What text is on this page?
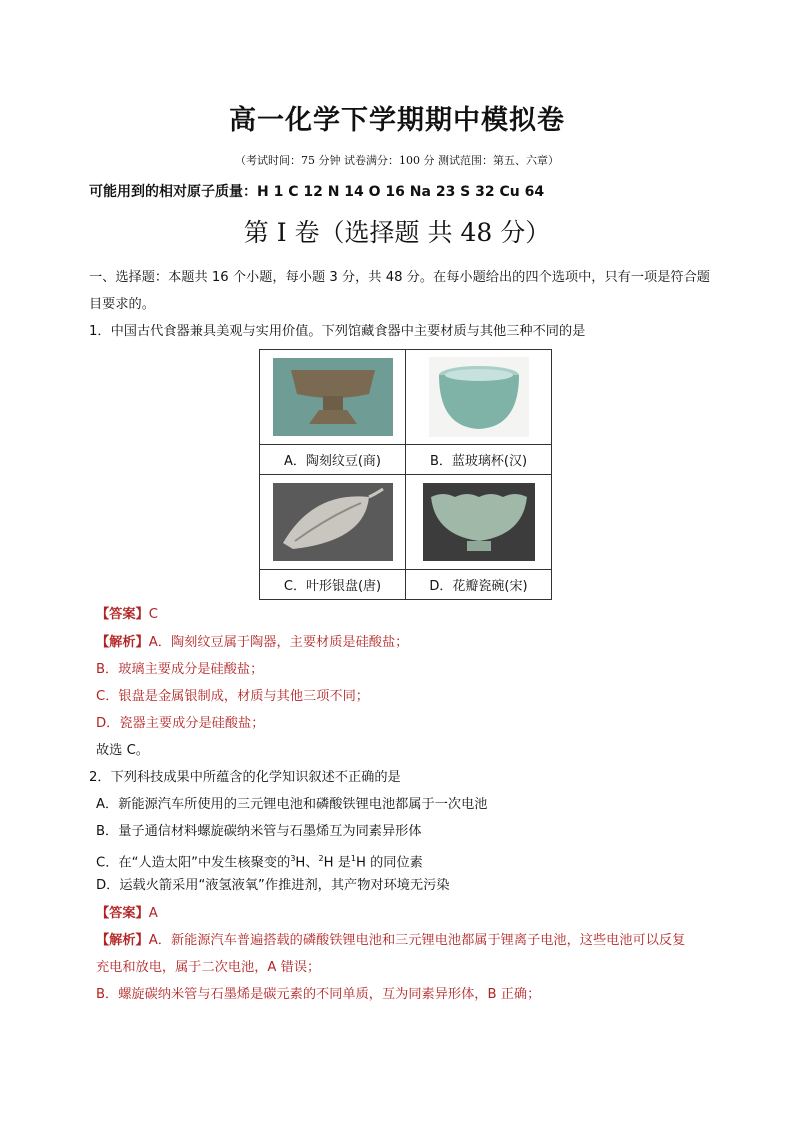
高一化学下学期期中模拟卷
（考试时间：75 分钟 试卷满分：100 分 测试范围：第五、六章）
可能用到的相对原子质量：H 1 C 12 N 14 O 16 Na 23 S 32 Cu 64
第 I 卷（选择题 共 48 分）
一、选择题：本题共 16 个小题，每小题 3 分，共 48 分。在每小题给出的四个选项中，只有一项是符合题
目要求的。
1．中国古代食器兼具美观与实用价值。下列馆藏食器中主要材质与其他三种不同的是

A．陶刻纹豆(商)	B．蓝玻璃杯(汉)

C．叶形银盘(唐)	D．花瓣瓷碗(宋)
【答案】C
【解析】A．陶刻纹豆属于陶器，主要材质是硅酸盐；
B．玻璃主要成分是硅酸盐；
C．银盘是金属银制成，材质与其他三项不同；
D．瓷器主要成分是硅酸盐；
故选 C。
2．下列科技成果中所蕴含的化学知识叙述不正确的是
A．新能源汽车所使用的三元锂电池和磷酸铁锂电池都属于一次电池
B．量子通信材料螺旋碳纳米管与石墨烯互为同素异形体
C．在“人造太阳”中发生核聚变的$^3$H、$^2$H 是$^1$H 的同位素
D．运载火箭采用“液氢液氧”作推进剂，其产物对环境无污染
【答案】A
【解析】A．新能源汽车普遍搭载的磷酸铁锂电池和三元锂电池都属于锂离子电池，这些电池可以反复
充电和放电，属于二次电池，A 错误；
B．螺旋碳纳米管与石墨烯是碳元素的不同单质，互为同素异形体，B 正确；
